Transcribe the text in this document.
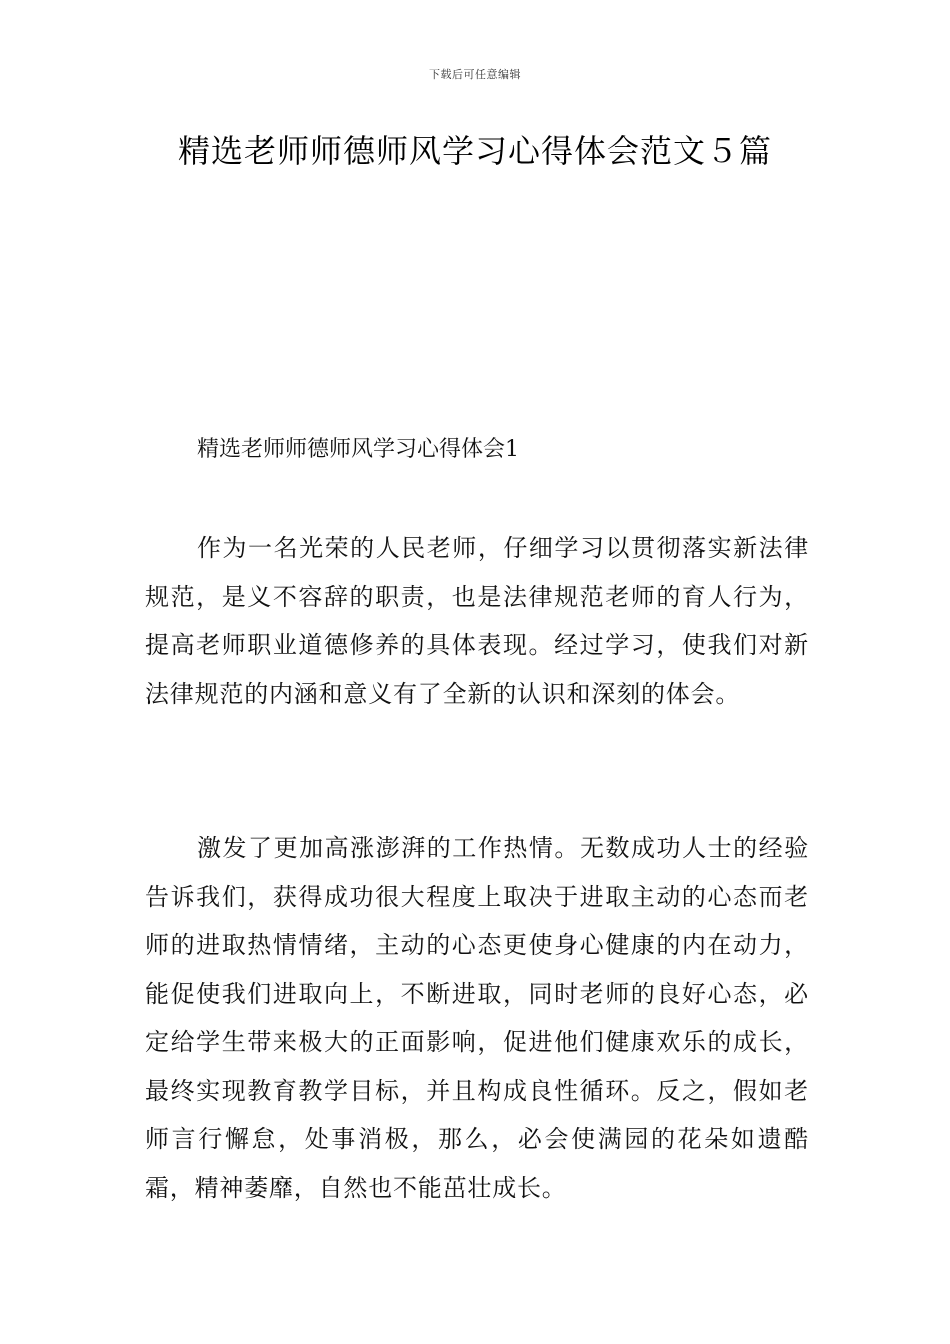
下载后可任意编辑
精选老师师德师风学习心得体会范文５篇
精选老师师德师风学习心得体会1

作为一名光荣的人民老师，仔细学习以贯彻落实新法律规范，是义不容辞的职责，也是法律规范老师的育人行为，提高老师职业道德修养的具体表现。经过学习，使我们对新法律规范的内涵和意义有了全新的认识和深刻的体会。

激发了更加高涨澎湃的工作热情。无数成功人士的经验告诉我们，获得成功很大程度上取决于进取主动的心态而老师的进取热情情绪，主动的心态更使身心健康的内在动力，能促使我们进取向上，不断进取，同时老师的良好心态，必定给学生带来极大的正面影响，促进他们健康欢乐的成长，最终实现教育教学目标，并且构成良性循环。反之，假如老师言行懈怠，处事消极，那么，必会使满园的花朵如遗酷霜，精神萎靡，自然也不能茁壮成长。
